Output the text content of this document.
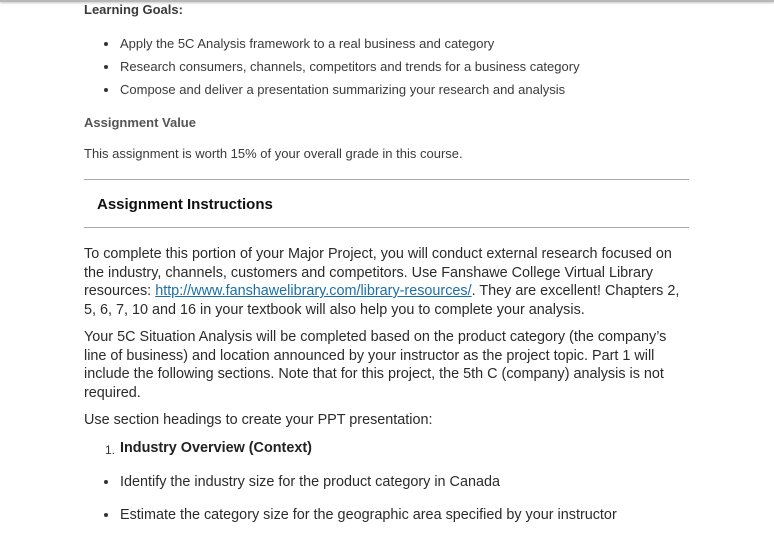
Learning Goals:
Apply the 5C Analysis framework to a real business and category
Research consumers, channels, competitors and trends for a business category
Compose and deliver a presentation summarizing your research and analysis
Assignment Value

This assignment is worth 15% of your overall grade in this course.

Assignment Instructions

To complete this portion of your Major Project, you will conduct external research focused on the industry, channels, customers and competitors. Use Fanshawe College Virtual Library resources: http://www.fanshawelibrary.com/library-resources/. They are excellent! Chapters 2, 5, 6, 7, 10 and 16 in your textbook will also help you to complete your analysis.

Your 5C Situation Analysis will be completed based on the product category (the company’s line of business) and location announced by your instructor as the project topic. Part 1 will include the following sections. Note that for this project, the 5th C (company) analysis is not required.

Use section headings to create your PPT presentation:

1. Industry Overview (Context)
Identify the industry size for the product category in Canada
Estimate the category size for the geographic area specified by your instructor
